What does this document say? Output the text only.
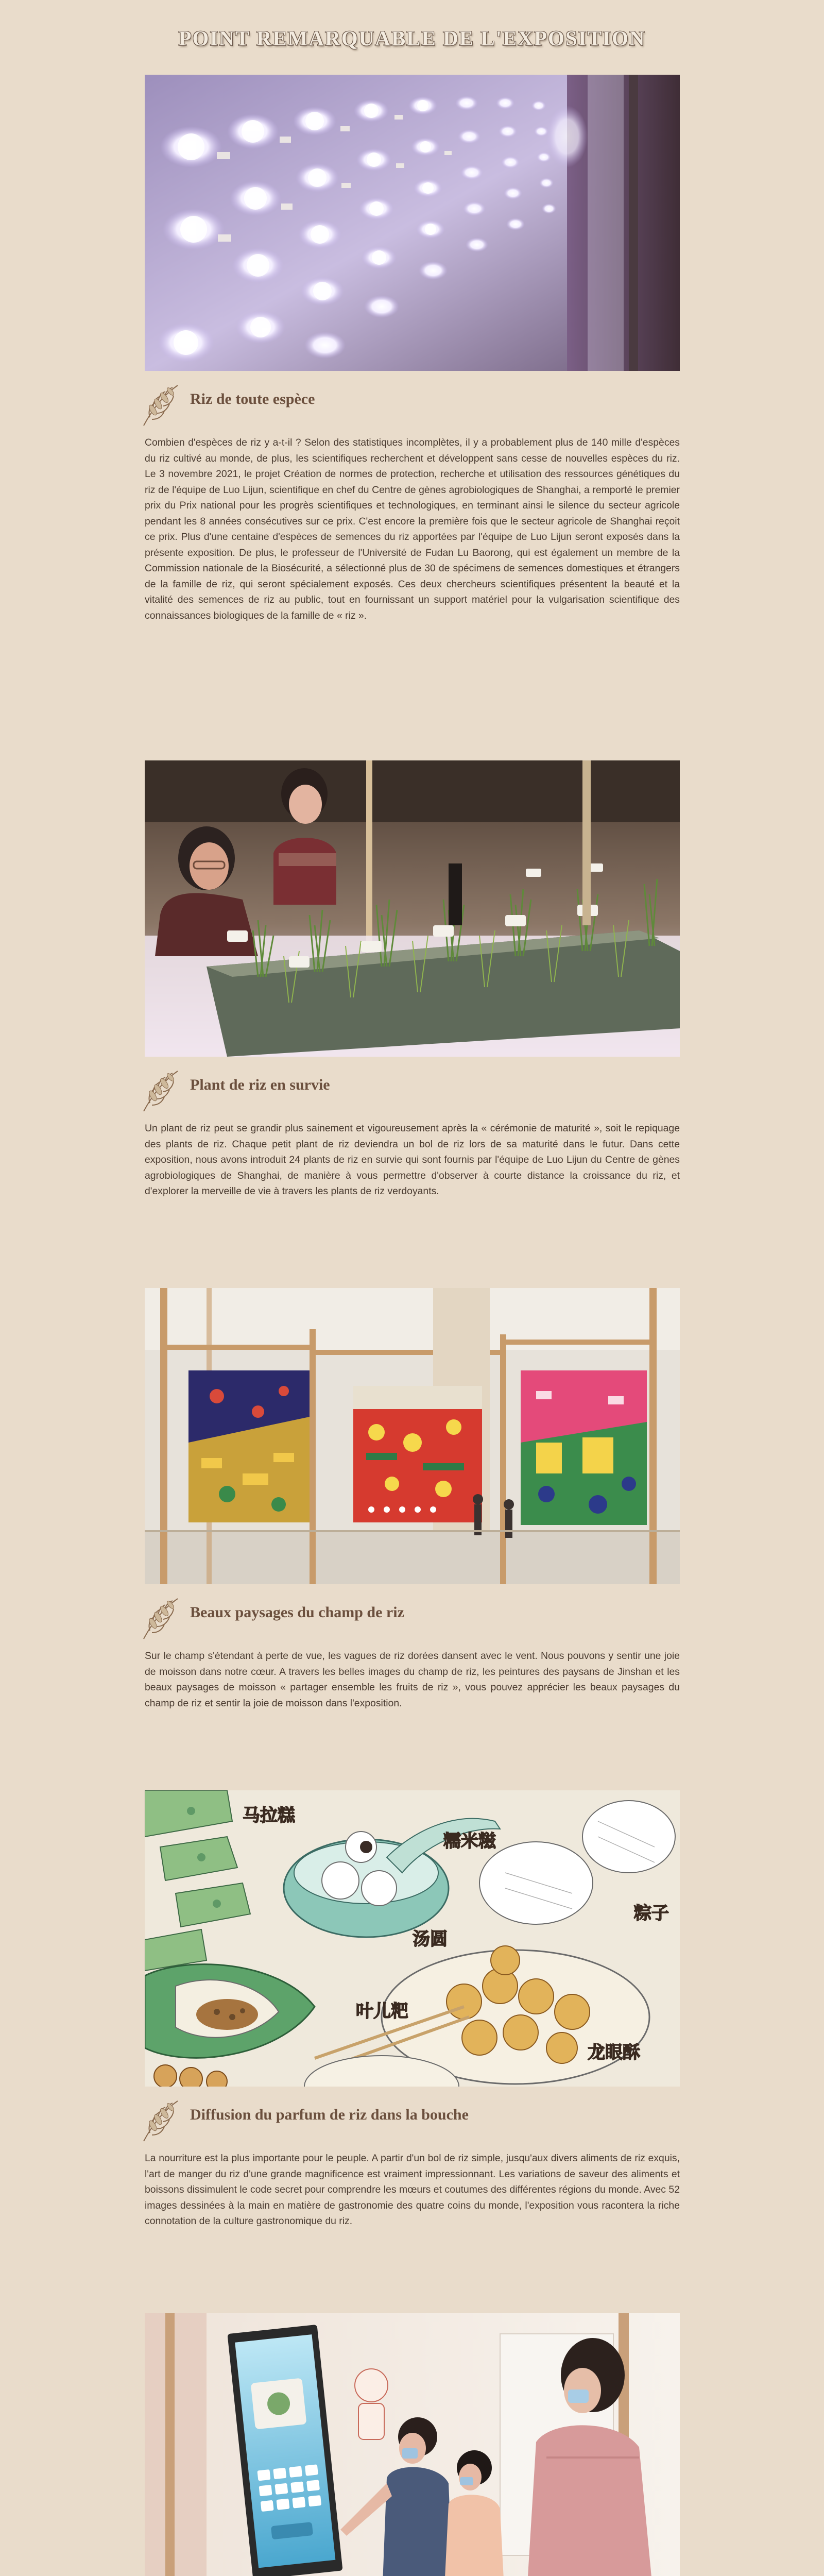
POINT REMARQUABLE DE L'EXPOSITION
Riz de toute espèce

Combien d'espèces de riz y a-t-il ? Selon des statistiques incomplètes, il y a probablement plus de 140 mille d'espèces du riz cultivé au monde, de plus, les scientifiques recherchent et développent sans cesse de nouvelles espèces du riz. Le 3 novembre 2021, le projet Création de normes de protection, recherche et utilisation des ressources génétiques du riz de l'équipe de Luo Lijun, scientifique en chef du Centre de gènes agrobiologiques de Shanghai, a remporté le premier prix du Prix national pour les progrès scientifiques et technologiques, en terminant ainsi le silence du secteur agricole pendant les 8 années consécutives sur ce prix. C'est encore la première fois que le secteur agricole de Shanghai reçoit ce prix. Plus d'une centaine d'espèces de semences du riz apportées par l'équipe de Luo Lijun seront exposés dans la présente exposition. De plus, le professeur de l'Université de Fudan Lu Baorong, qui est également un membre de la Commission nationale de la Biosécurité, a sélectionné plus de 30 de spécimens de semences domestiques et étrangers de la famille de riz, qui seront spécialement exposés. Ces deux chercheurs scientifiques présentent la beauté et la vitalité des semences de riz au public, tout en fournissant un support matériel pour la vulgarisation scientifique des connaissances biologiques de la famille de « riz ».

Plant de riz en survie

Un plant de riz peut se grandir plus sainement et vigoureusement après la « cérémonie de maturité », soit le repiquage des plants de riz. Chaque petit plant de riz deviendra un bol de riz lors de sa maturité dans le futur. Dans cette exposition, nous avons introduit 24 plants de riz en survie qui sont fournis par l'équipe de Luo Lijun du Centre de gènes agrobiologiques de Shanghai, de manière à vous permettre d'observer à courte distance la croissance du riz, et d'explorer la merveille de vie à travers les plants de riz verdoyants.

Beaux paysages du champ de riz

Sur le champ s'étendant à perte de vue, les vagues de riz dorées dansent avec le vent. Nous pouvons y sentir une joie de moisson dans notre cœur. A travers les belles images du champ de riz, les peintures des paysans de Jinshan et les beaux paysages de moisson « partager ensemble les fruits de riz », vous pouvez apprécier les beaux paysages du champ de riz et sentir la joie de moisson dans l'exposition.

马拉糕
汤圆
糯米糍
叶儿粑
龙眼酥
粽子
Diffusion du parfum de riz dans la bouche

La nourriture est la plus importante pour le peuple. A partir d'un bol de riz simple, jusqu'aux divers aliments de riz exquis, l'art de manger du riz d'une grande magnificence est vraiment impressionnant. Les variations de saveur des aliments et boissons dissimulent le code secret pour comprendre les mœurs et coutumes des différentes régions du monde. Avec 52 images dessinées à la main en matière de gastronomie des quatre coins du monde, l'exposition vous racontera la riche connotation de la culture gastronomique du riz.
